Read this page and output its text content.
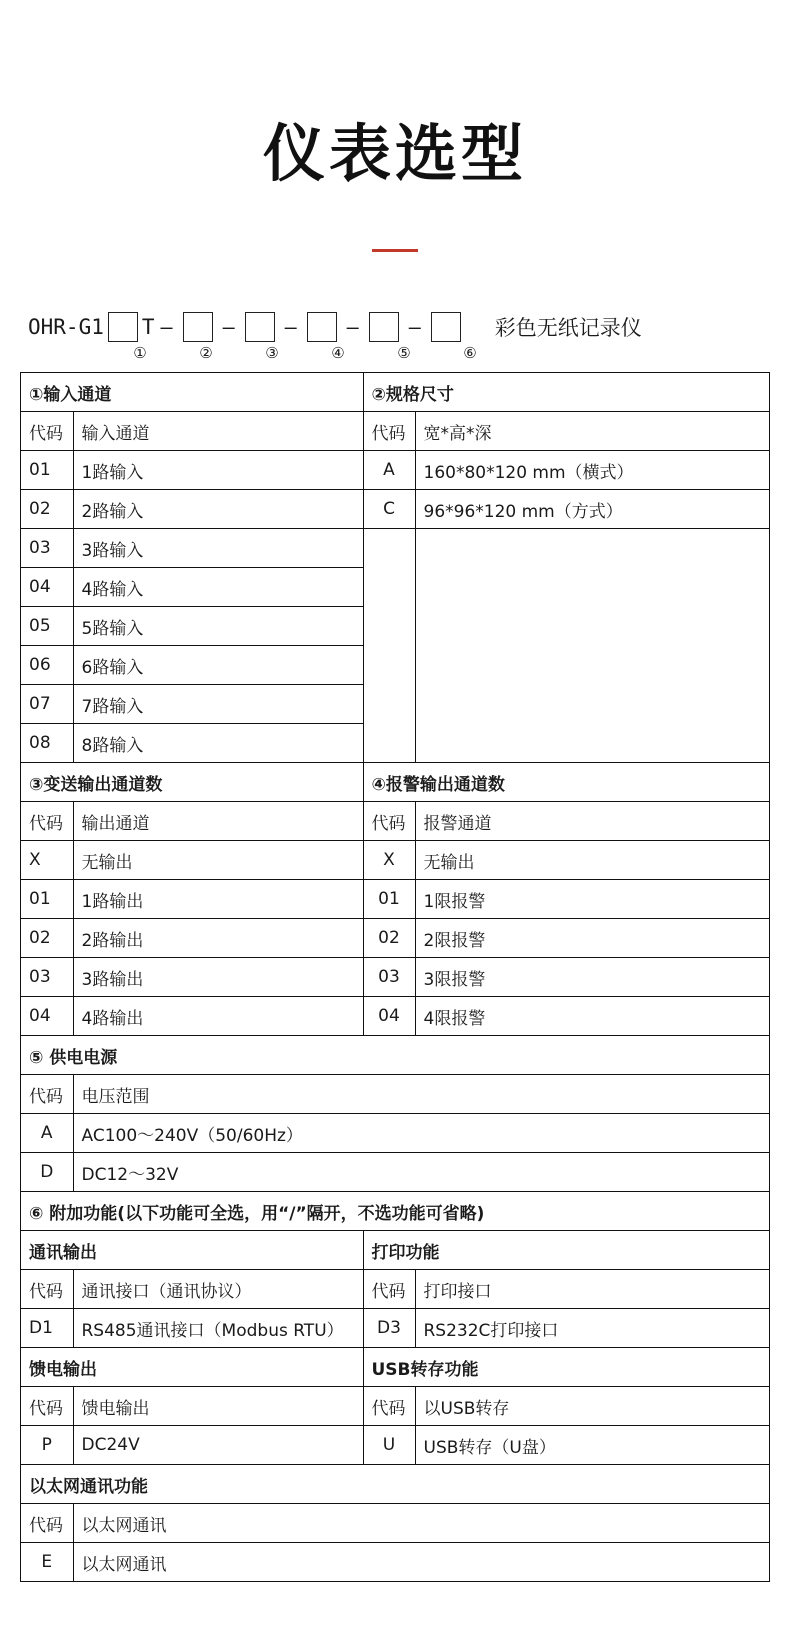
仪表选型
OHR-G1 T –	–	–	–	–	彩色无纸记录仪
①	②	③	④	⑤	⑥
①输入通道		②规格尺寸	
代码	输入通道	代码	宽*高*深
01	1路输入	A	160*80*120 mm（横式）
02	2路输入	C	96*96*120 mm（方式）
03	3路输入		
04	4路输入		
05	5路输入		
06	6路输入		
07	7路输入		
08	8路输入		
③变送输出通道数		④报警输出通道数	
代码	输出通道	代码	报警通道
X	无输出	X	无输出
01	1路输出	01	1限报警
02	2路输出	02	2限报警
03	3路输出	03	3限报警
04	4路输出	04	4限报警
⑤ 供电电源			
代码	电压范围		
A	AC100～240V（50/60Hz）		
D	DC12～32V		
⑥ 附加功能(以下功能可全选，用“/”隔开，不选功能可省略)			
通讯输出		打印功能	
代码	通讯接口（通讯协议）	代码	打印接口
D1	RS485通讯接口（Modbus RTU）	D3	RS232C打印接口
馈电输出		USB转存功能	
代码	馈电输出	代码	以USB转存
P	DC24V	U	USB转存（U盘）
以太网通讯功能			
代码	以太网通讯		
E	以太网通讯		
